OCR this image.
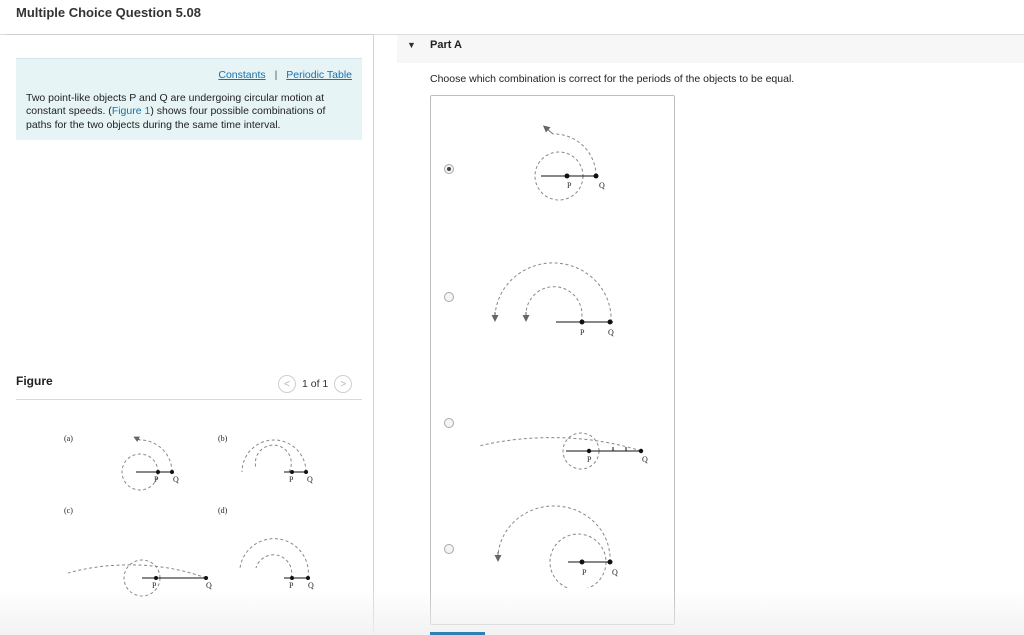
Multiple Choice Question 5.08
Constants | Periodic Table
Two point-like objects P and Q are undergoing circular motion at constant speeds. (Figure 1) shows four possible combinations of paths for the two objects during the same time interval.
Figure	<	1 of 1	>
(a)
P Q
(b)
P Q
(c)
P	Q
(d)
P Q
▼ Part A
Choose which combination is correct for the periods of the objects to be equal.
P	Q
P	Q
P	Q
P	Q
